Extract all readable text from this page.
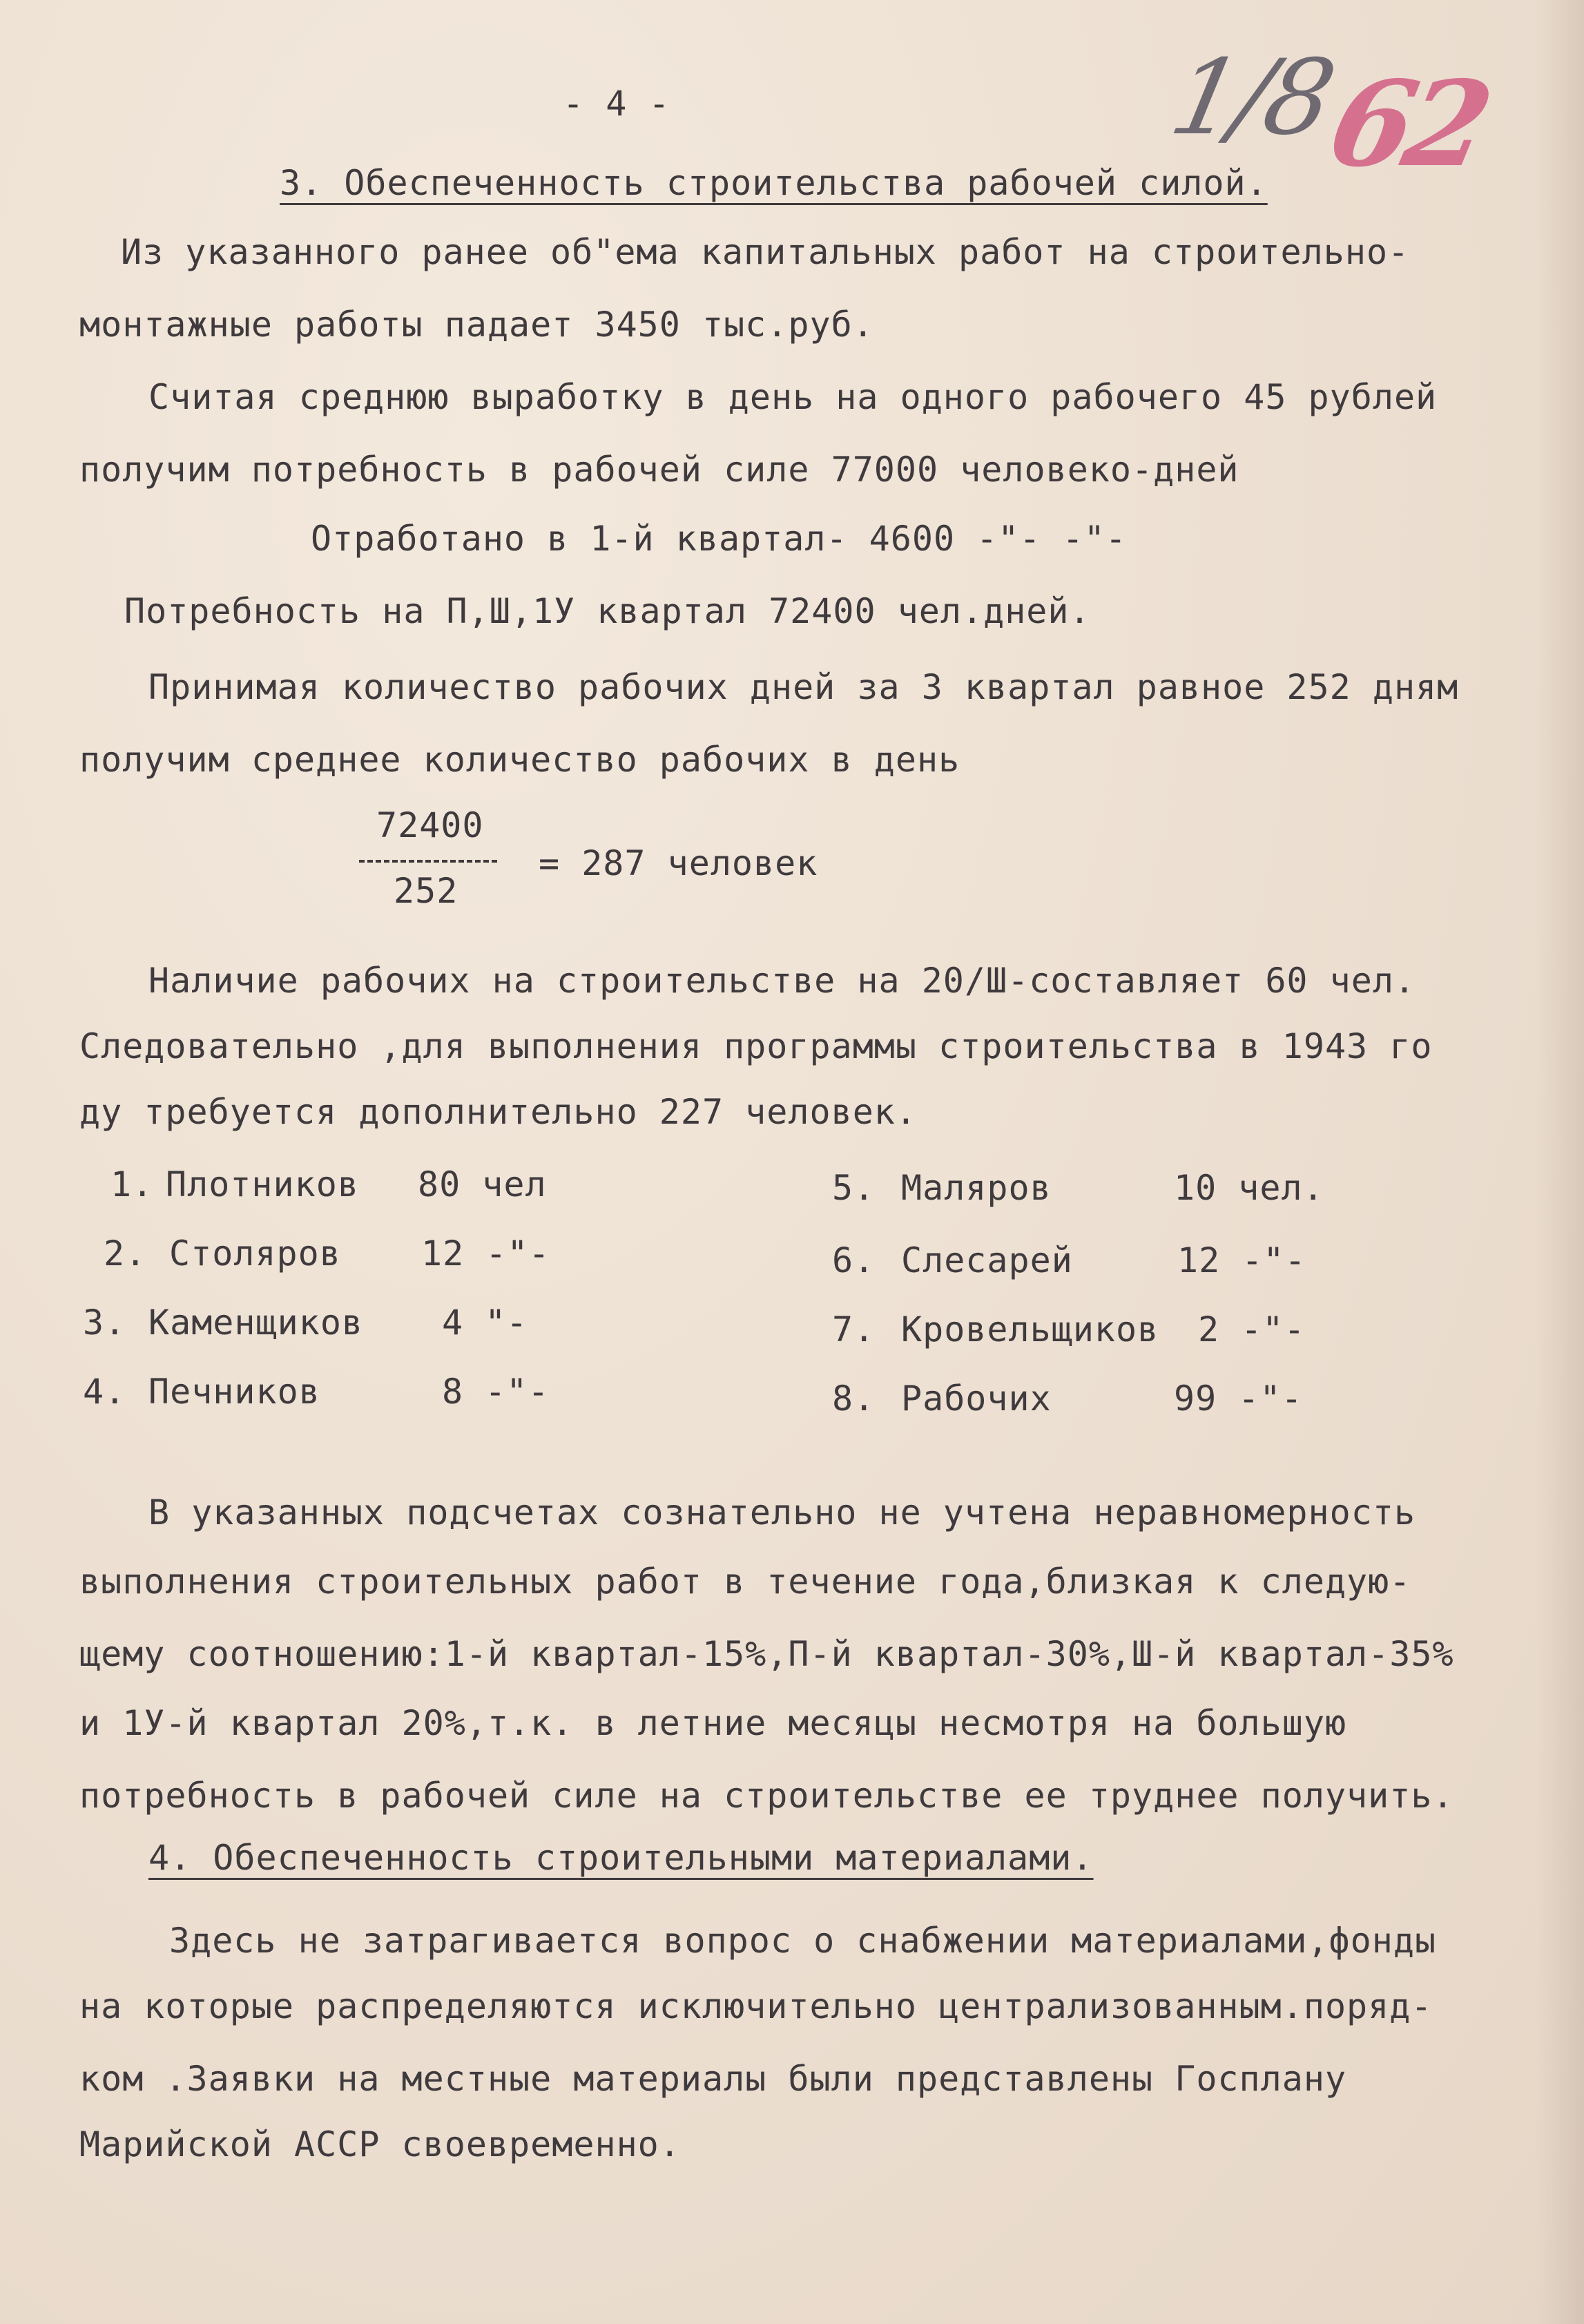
1/8
62
- 4 -
3. Обеспеченность строительства рабочей силой.
Из указанного ранее об"ема капитальных работ на строительно-
монтажные работы падает 3450 тыс.руб.
Считая среднюю выработку в день на одного рабочего 45 рублей
получим потребность в рабочей силе 77000 человеко-дней
Отработано в 1-й квартал- 4600 -"- -"-
Потребность на П,Ш,1У квартал 72400 чел.дней.
Принимая количество рабочих дней за 3 квартал равное 252 дням
получим среднее количество рабочих в день
72400
252
= 287 человек
Наличие рабочих на строительстве на 20/Ш-составляет 60 чел.
Следовательно ,для выполнения программы строительства в 1943 го
ду требуется дополнительно 227 человек.
1. Плотников 80 чел
2. Столяров 12 -"-
3. Каменщиков 4 "-
4. Печников	8 -"-
5. Маляров	10 чел.
6. Слесарей	12 -"-
7. Кровельщиков 2 -"-
8. Рабочих	99 -"-
В указанных подсчетах сознательно не учтена неравномерность
выполнения строительных работ в течение года,близкая к следую-
щему соотношению:1-й квартал-15%,П-й квартал-30%,Ш-й квартал-35%
и 1У-й квартал 20%,т.к. в летние месяцы несмотря на большую
потребность в рабочей силе на строительстве ее труднее получить.
4. Обеспеченность строительными материалами.
Здесь не затрагивается вопрос о снабжении материалами,фонды
на которые распределяются исключительно централизованным.поряд-
ком .Заявки на местные материалы были представлены Госплану
Марийской АССР своевременно.
